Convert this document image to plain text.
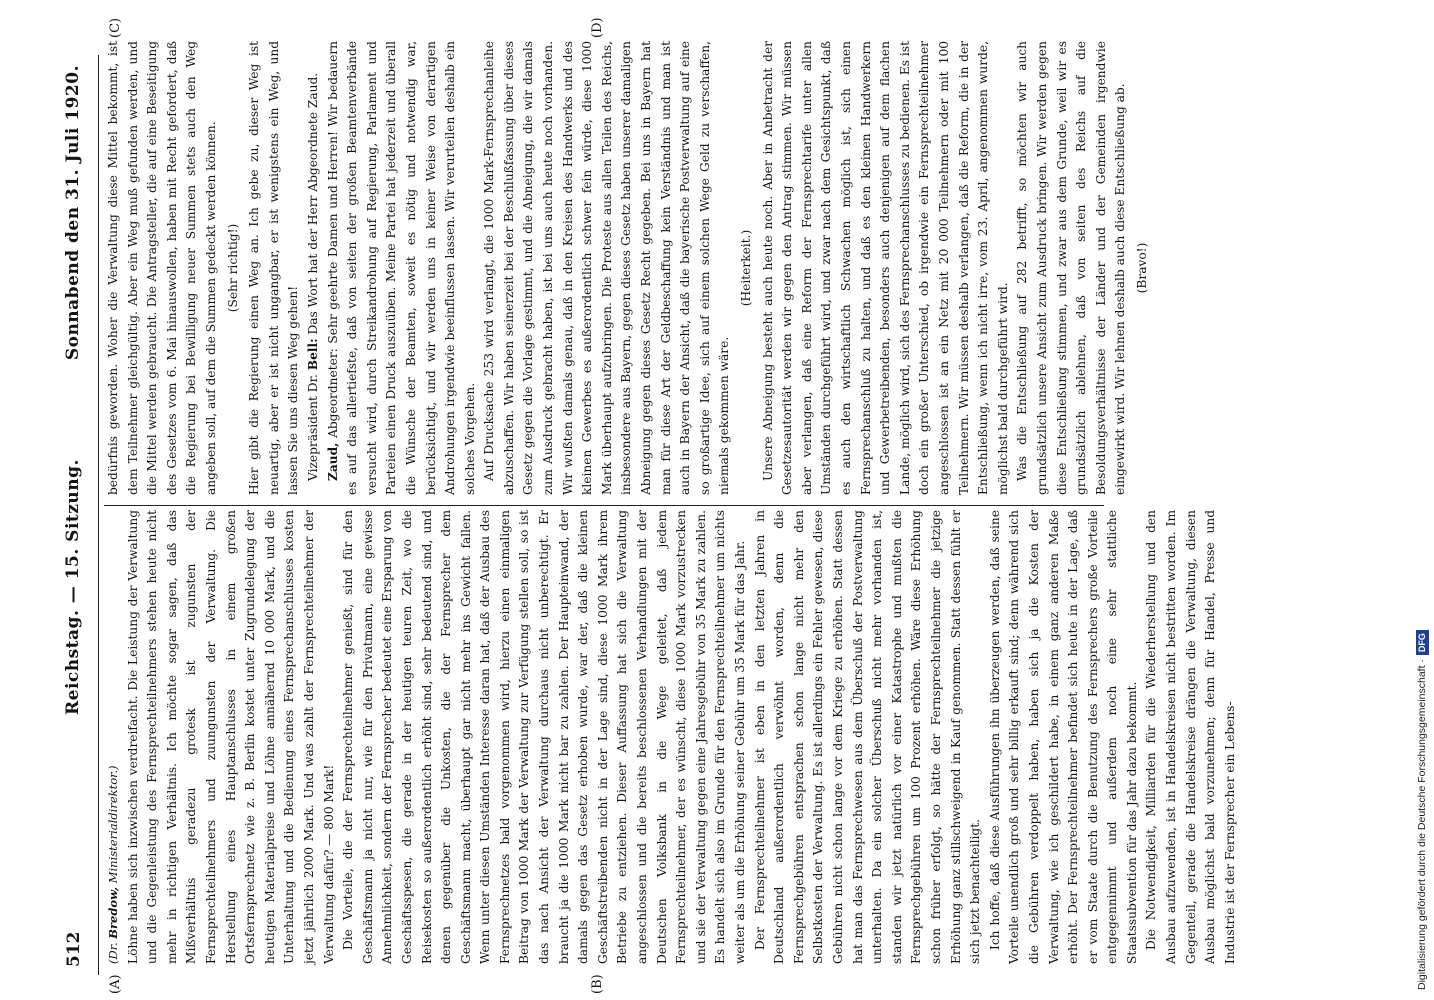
512
Reichstag. — 15. Sitzung.
Sonnabend den 31. Juli 1920.
(A)	(B)
(C)	(D)

(Dr. Bredow, Ministerialdirektor.) Löhne haben sich inzwischen verdreifacht. Die Leistung der Verwaltung und die Gegenleistung des Fernsprechteilnehmers stehen heute nicht mehr in richtigen Verhältnis. Ich möchte sogar sagen, daß das Mißverhältnis geradezu grotesk ist zugunsten der Fernsprechteilnehmers und zuungunsten der Verwaltung. Die Herstellung eines Hauptanschlusses in einem großen Ortsfernsprechnetz wie z. B. Berlin kostet unter Zugrundelegung der heutigen Materialpreise und Löhne annähernd 10 000 Mark, und die Unterhaltung und die Bedienung eines Fernsprechanschlusses kosten jetzt jährlich 2000 Mark. Und was zahlt der Fernsprechteilnehmer der Verwaltung dafür? — 800 Mark! Die Vorteile, die der Fernsprechteilnehmer genießt, sind für den Geschäftsmann ja nicht nur, wie für den Privatmann, eine gewisse Annehmlichkeit, sondern der Fernsprecher bedeutet eine Ersparung von Geschäftsspesen, die gerade in der heutigen teuren Zeit, wo die Reisekosten so außerordentlich erhöht sind, sehr bedeutend sind, und denen gegenüber die Unkosten, die der Fernsprecher dem Geschäftsmann macht, überhaupt gar nicht mehr ins Gewicht fallen. Wenn unter diesen Umständen Interesse daran hat, daß der Ausbau des Fernsprechnetzes bald vorgenommen wird, hierzu einen einmaligen Beitrag von 1000 Mark der Verwaltung zur Verfügung stellen soll, so ist das nach Ansicht der Verwaltung durchaus nicht unberechtigt. Er braucht ja die 1000 Mark nicht bar zu zahlen. Der Haupteinwand, der damals gegen das Gesetz erhoben wurde, war der, daß die kleinen Geschäftstreibenden nicht in der Lage sind, diese 1000 Mark ihrem Betriebe zu entziehen. Dieser Auffassung hat sich die Verwaltung angeschlossen und die bereits beschlossenen Verhandlungen mit der Deutschen Volksbank in die Wege geleitet, daß jedem Fernsprechteilnehmer, der es wünscht, diese 1000 Mark vorzustrecken und sie der Verwaltung gegen eine Jahresgebühr von 35 Mark zu zahlen. Es handelt sich also im Grunde für den Fernsprechteilnehmer um nichts weiter als um die Erhöhung seiner Gebühr um 35 Mark für das Jahr. Der Fernsprechteilnehmer ist eben in den letzten Jahren in Deutschland außerordentlich verwöhnt worden, denn die Fernsprechgebühren entsprachen schon lange nicht mehr den Selbstkosten der Verwaltung. Es ist allerdings ein Fehler gewesen, diese Gebühren nicht schon lange vor dem Kriege zu erhöhen. Statt dessen hat man das Fernsprechwesen aus dem Überschuß der Postverwaltung unterhalten. Da ein solcher Überschuß nicht mehr vorhanden ist, standen wir jetzt natürlich vor einer Katastrophe und mußten die Fernsprechgebühren um 100 Prozent erhöhen. Wäre diese Erhöhung schon früher erfolgt, so hätte der Fernsprechteilnehmer die jetzige Erhöhung ganz stillschweigend in Kauf genommen. Statt dessen fühlt er sich jetzt benachteiligt. Ich hoffe, daß diese Ausführungen ihn überzeugen werden, daß seine Vorteile unendlich groß und sehr billig erkauft sind; denn während sich die Gebühren verdoppelt haben, haben sich ja die Kosten der Verwaltung, wie ich geschildert habe, in einem ganz anderen Maße erhöht. Der Fernsprechteilnehmer befindet sich heute in der Lage, daß er vom Staate durch die Benutzung des Fernsprechers große Vorteile entgegennimmt und außerdem noch eine sehr stattliche Staatssubvention für das Jahr dazu bekommt. Die Notwendigkeit, Milliarden für die Wiederherstellung und den Ausbau aufzuwenden, ist in Handelskreisen nicht bestritten worden. Im Gegenteil, gerade die Handelskreise drängen die Verwaltung, diesen Ausbau möglichst bald vorzunehmen; denn für Handel, Presse und Industrie ist der Fernsprecher ein Lebens-

bedürfnis geworden. Woher die Verwaltung diese Mittel bekommt, ist dem Teilnehmer gleichgültig. Aber ein Weg muß gefunden werden, und die Mittel werden gebraucht. Die Antragsteller, die auf eine Beseitigung des Gesetzes vom 6. Mai hinauswollen, haben mit Recht gefordert, daß die Regierung bei Bewilligung neuer Summen stets auch den Weg angeben soll, auf dem die Summen gedeckt werden können. (Sehr richtig!) Hier gibt die Regierung einen Weg an. Ich gebe zu, dieser Weg ist neuartig, aber er ist nicht ungangbar, er ist wenigstens ein Weg, und lassen Sie uns diesen Weg gehen! Vizepräsident Dr. Bell: Das Wort hat der Herr Abgeordnete Zaud.

Zaud, Abgeordneter: Sehr geehrte Damen und Herren! Wir bedauern es auf das allertiefste, daß von seiten der großen Beamtenverbände versucht wird, durch Streikandrohung auf Regierung, Parlament und Parteien einen Druck auszuüben. Meine Partei hat jederzeit und überall die Wünsche der Beamten, soweit es nötig und notwendig war, berücksichtigt, und wir werden uns in keiner Weise von derartigen Androhungen irgendwie beeinflussen lassen. Wir verurteilen deshalb ein solches Vorgehen. Auf Drucksache 253 wird verlangt, die 1000 Mark-Fernsprechanleihe abzuschaffen. Wir haben seinerzeit bei der Beschlußfassung über dieses Gesetz gegen die Vorlage gestimmt, und die Abneigung, die wir damals zum Ausdruck gebracht haben, ist bei uns auch heute noch vorhanden. Wir wußten damals genau, daß in den Kreisen des Handwerks und des kleinen Gewerbes es außerordentlich schwer fein würde, diese 1000 Mark überhaupt aufzubringen. Die Proteste aus allen Teilen des Reichs, insbesondere aus Bayern, gegen dieses Gesetz haben unserer damaligen Abneigung gegen dieses Gesetz Recht gegeben. Bei uns in Bayern hat man für diese Art der Geldbeschaffung kein Verständnis und man ist auch in Bayern der Ansicht, daß die bayerische Postverwaltung auf eine so großartige Idee, sich auf einem solchen Wege Geld zu verschaffen, niemals gekommen wäre.

(Heiterkeit.) Unsere Abneigung besteht auch heute noch. Aber in Anbetracht der Gesetzesautorität werden wir gegen den Antrag stimmen. Wir müssen aber verlangen, daß eine Reform der Fernsprechtarife unter allen Umständen durchgeführt wird, und zwar nach dem Gesichtspunkt, daß es auch den wirtschaftlich Schwachen möglich ist, sich einen Fernsprechanschluß zu halten, und daß es den kleinen Handwerkern und Gewerbetreibenden, besonders auch denjenigen auf dem flachen Lande, möglich wird, sich des Fernsprechanschlusses zu bedienen. Es ist doch ein großer Unterschied, ob irgendwie ein Fernsprechteilnehmer angeschlossen ist an ein Netz mit 20 000 Teilnehmern oder mit 100 Teilnehmern. Wir müssen deshalb verlangen, daß die Reform, die in der Entschließung, wenn ich nicht irre, vom 23. April, angenommen wurde, möglichst bald durchgeführt wird. Was die Entschließung auf 282 betrifft, so möchten wir auch grundsätzlich unsere Ansicht zum Ausdruck bringen. Wir werden gegen diese Entschließung stimmen, und zwar aus dem Grunde, weil wir es grundsätzlich ablehnen, daß von seiten des Reichs auf die Besoldungsverhältnisse der Länder und der Gemeinden irgendwie eingewirkt wird. Wir lehnen deshalb auch diese Entschließung ab. (Bravo!)

Digitalisierung gefördert durch die Deutsche Forschungsgemeinschaft ·DFG
